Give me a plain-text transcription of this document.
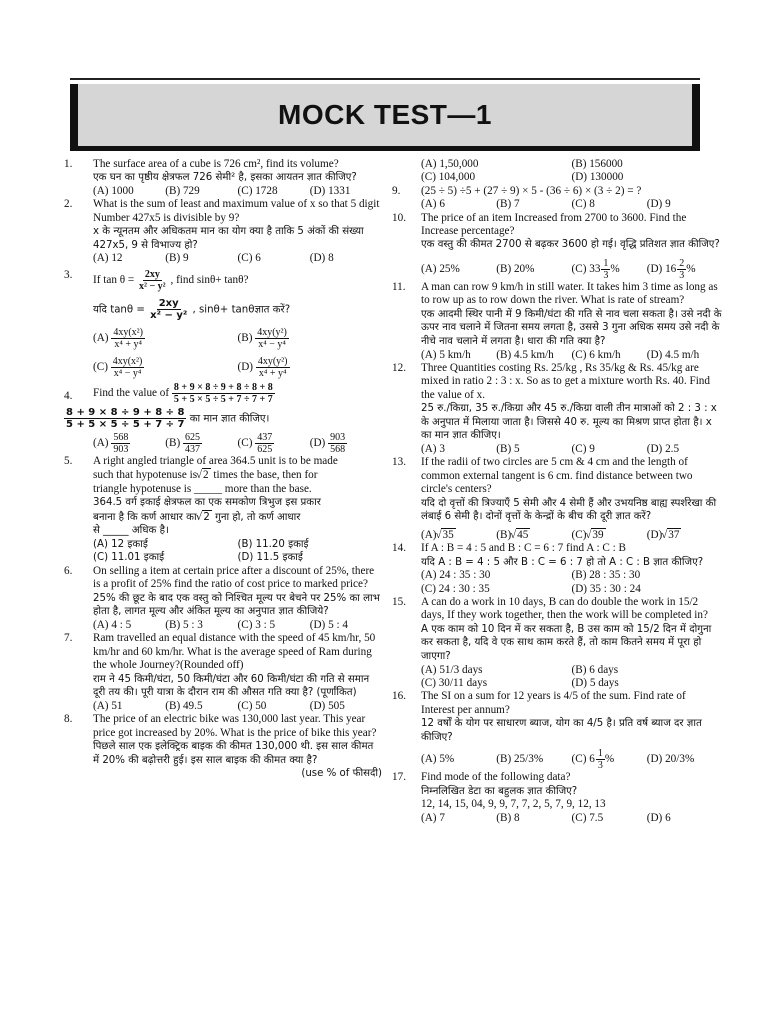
MOCK TEST—1
1.	The surface area of a cube is 726 cm², find its volume?

एक घन का पृष्ठीय क्षेत्रफल 726 सेमी² है, इसका आयतन ज्ञात कीजिए?

(A) 1000	(B) 729	(C) 1728	(D) 1331
2.	What is the sum of least and maximum value of x so that 5 digit Number 427x5 is divisible by 9?

x के न्यूनतम और अधिकतम मान का योग क्या है ताकि 5 अंकों की संख्या 427x5, 9 से विभाज्य हो?

(A) 12	(B) 9	(C) 6	(D) 8
3.	If $\tan \theta = \frac{2xy}{\text{x² − y²}}$ , find sinθ+ tanθ?

यदि $\tan\theta = \frac{2xy}{\text{x² − y²}}$ , sinθ+ tanθज्ञात करें?

$(A) \frac{\text{4xy(x²)}}{\text{x⁴ + y⁴}}$	$(B) \frac{\text{4xy(y²)}}{\text{x⁴ − y⁴}}$
$(C) \frac{\text{4xy(x²)}}{\text{x⁴ − y⁴}}$	$(D) \frac{\text{4xy(y²)}}{\text{x⁴ + y⁴}}$
4.	Find the value of $\frac{8 + 9 \times 8 \div 9 + 8 \div 8 + 8}{5 + 5 \times 5 \div 5 + 7 \div 7 + 7}$

$\frac{8 + 9 \times 8 \div 9 + 8 \div 8}{5 + 5 \times 5 \div 5 + 7 \div 7}$ का मान ज्ञात कीजिए।

$(A) \frac{568}{903}$	$(B) \frac{625}{437}$	$(C) \frac{437}{625}$	$(D) \frac{903}{568}$
5.	A right angled triangle of area 364.5 unit is to be made

such that hypotenuse is √ 2 times the base, then for

triangle hypotenuse is _____ more than the base.

364.5 वर्ग इकाई क्षेत्रफल का एक समकोण त्रिभुज इस प्रकार

बनाना है कि कर्ण आधार का √ 2 गुना हो, तो कर्ण आधार

से _____ अधिक है।

(A) 12 इकाई	(B) 11.20 इकाई
(C) 11.01 इकाई	(D) 11.5 इकाई
6.	On selling a item at certain price after a discount of 25%, there is a profit of 25% find the ratio of cost price to marked price?

25% की छूट के बाद एक वस्तु को निश्चित मूल्य पर बेचने पर 25% का लाभ होता है, लागत मूल्य और अंकित मूल्य का अनुपात ज्ञात कीजिये?

(A) 4 : 5	(B) 5 : 3	(C) 3 : 5	(D) 5 : 4
7.	Ram travelled an equal distance with the speed of 45 km/hr, 50 km/hr and 60 km/hr. What is the average speed of Ram during the whole Journey?(Rounded off)

राम ने 45 किमी/घंटा, 50 किमी/घंटा और 60 किमी/घंटा की गति से समान दूरी तय की। पूरी यात्रा के दौरान राम की औसत गति क्या है? (पूर्णांकित)

(A) 51	(B) 49.5	(C) 50	(D) 505
8.	The price of an electric bike was 130,000 last year. This year price got increased by 20%. What is the price of bike this year?

पिछले साल एक इलेक्ट्रिक बाइक की कीमत 130,000 थी. इस साल कीमत में 20% की बढ़ोत्तरी हुई। इस साल बाइक की कीमत क्या है?

(use % of फीसदी)

(A) 1,50,000	(B) 156000
(C) 104,000	(D) 130000
9.	(25 ÷ 5) ÷5 + (27 ÷ 9) × 5 - (36 ÷ 6) × (3 ÷ 2) = ?

(A) 6	(B) 7	(C) 8	(D) 9
10.	The price of an item Increased from 2700 to 3600. Find the Increase percentage?

एक वस्तु की कीमत 2700 से बढ़कर 3600 हो गई। वृद्धि प्रतिशत ज्ञात कीजिए?

(A) 25%	(B) 20%	(C) $33 \frac{1}{3}$ % (D) $16 \frac{2}{3}$ %
11.	A man can row 9 km/h in still water. It takes him 3 time as long as to row up as to row down the river. What is rate of stream?

एक आदमी स्थिर पानी में 9 किमी/घंटा की गति से नाव चला सकता है। उसे नदी के ऊपर नाव चलाने में जितना समय लगता है, उससे 3 गुना अधिक समय उसे नदी के नीचे नाव चलाने में लगता है। धारा की गति क्या है?

(A) 5 km/h	(B) 4.5 km/h	(C) 6 km/h	(D) 4.5 m/h
12.	Three Quantities costing Rs. 25/kg , Rs 35/kg & Rs. 45/kg are mixed in ratio 2 : 3 : x. So as to get a mixture worth Rs. 40. Find the value of x.

25 रु./किग्रा, 35 रु./किग्रा और 45 रु./किग्रा वाली तीन मात्राओं को 2 : 3 : x के अनुपात में मिलाया जाता है। जिससे 40 रु. मूल्य का मिश्रण प्राप्त होता है। x का मान ज्ञात कीजिए।

(A) 3	(B) 5	(C) 9	(D) 2.5
13.	If the radii of two circles are 5 cm & 4 cm and the length of common external tangent is 6 cm. find distance between two circle's centers?

यदि दो वृत्तों की त्रिज्याएँ 5 सेमी और 4 सेमी हैं और उभयनिष्ठ बाह्य स्पर्शरेखा की लंबाई 6 सेमी है। दोनों वृत्तों के केन्द्रों के बीच की दूरी ज्ञात करें?

(A) √ 35	(B) √ 45	(C) √ 39	(D) √ 37
14.	If A : B = 4 : 5 and B : C = 6 : 7 find A : C : B

यदि A : B = 4 : 5 और B : C = 6 : 7 हो तो A : C : B ज्ञात कीजिए?

(A) 24 : 35 : 30	(B) 28 : 35 : 30
(C) 24 : 30 : 35	(D) 35 : 30 : 24
15.	A can do a work in 10 days, B can do double the work in 15/2 days, If they work together, then the work will be completed in?

A एक काम को 10 दिन में कर सकता है, B उस काम को 15/2 दिन में दोगुना कर सकता है, यदि वे एक साथ काम करते हैं, तो काम कितने समय में पूरा हो जाएगा?

(A) 51/3 days	(B) 6 days
(C) 30/11 days	(D) 5 days
16.	The SI on a sum for 12 years is 4/5 of the sum. Find rate of Interest per annum?

12 वर्षों के योग पर साधारण ब्याज, योग का 4/5 है। प्रति वर्ष ब्याज दर ज्ञात कीजिए?

(A) 5%	(B) 25/3%	(C) $6 \frac{1}{3}$ %	(D) 20/3%
17.	Find mode of the following data?

निम्नलिखित डेटा का बहुलक ज्ञात कीजिए?

12, 14, 15, 04, 9, 9, 7, 7, 2, 5, 7, 9, 12, 13

(A) 7	(B) 8	(C) 7.5	(D) 6
